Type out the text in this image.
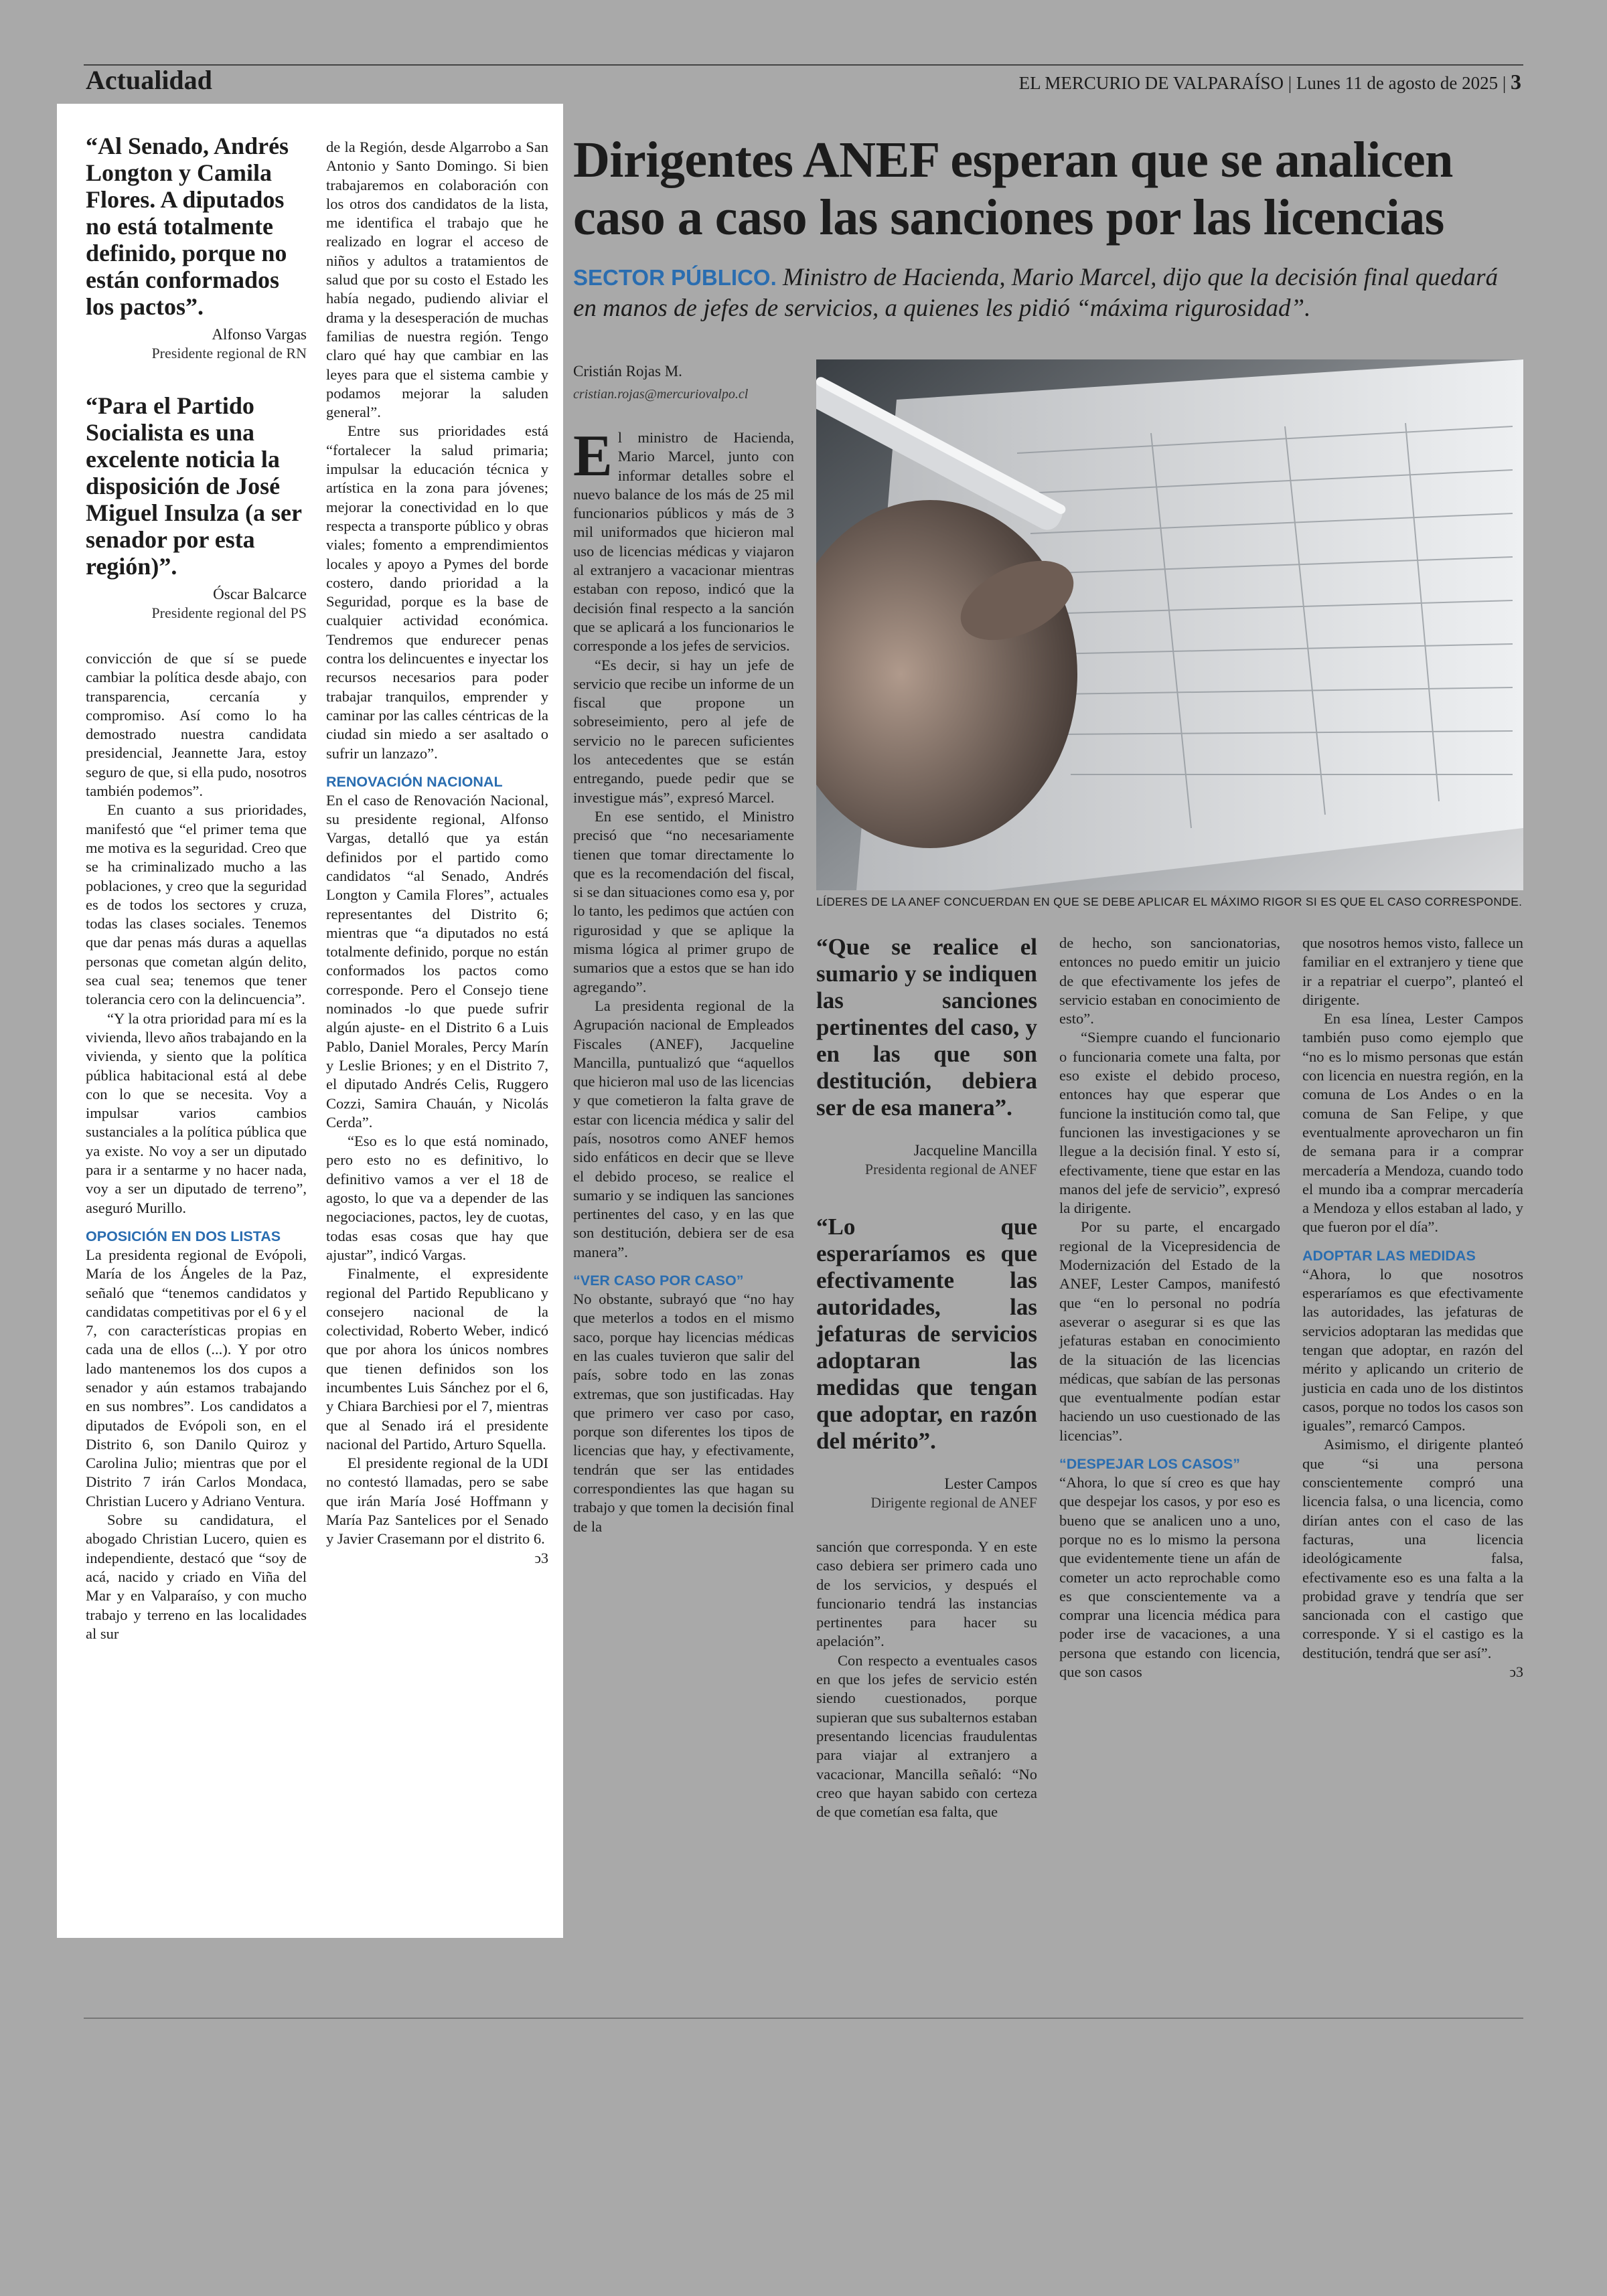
Actualidad	EL MERCURIO DE VALPARAÍSO | Lunes 11 de agosto de 2025 | 3
“Al Senado, Andrés Longton y Camila Flores. A diputados no está totalmente definido, porque no están conformados los pactos”.
Alfonso Vargas
Presidente regional de RN
“Para el Partido Socialista es una excelente noticia la disposición de José Miguel Insulza (a ser senador por esta región)”.
Óscar Balcarce
Presidente regional del PS

convicción de que sí se puede cambiar la política desde abajo, con transparencia, cercanía y compromiso. Así como lo ha demostrado nuestra candidata presidencial, Jeannette Jara, estoy seguro de que, si ella pudo, nosotros también podemos”.

En cuanto a sus prioridades, manifestó que “el primer tema que me motiva es la seguridad. Creo que se ha criminalizado mucho a las poblaciones, y creo que la seguridad es de todos los sectores y cruza, todas las clases sociales. Tenemos que dar penas más duras a aquellas personas que cometan algún delito, sea cual sea; tenemos que tener tolerancia cero con la delincuencia”.

“Y la otra prioridad para mí es la vivienda, llevo años trabajando en la vivienda, y siento que la política pública habitacional está al debe con lo que se necesita. Voy a impulsar varios cambios sustanciales a la política pública que ya existe. No voy a ser un diputado para ir a sentarme y no hacer nada, voy a ser un diputado de terreno”, aseguró Murillo.

OPOSICIÓN EN DOS LISTAS

La presidenta regional de Evópoli, María de los Ángeles de la Paz, señaló que “tenemos candidatos y candidatas competitivas por el 6 y el 7, con características propias en cada una de ellos (...). Y por otro lado mantenemos los dos cupos a senador y aún estamos trabajando en sus nombres”. Los candidatos a diputados de Evópoli son, en el Distrito 6, son Danilo Quiroz y Carolina Julio; mientras que por el Distrito 7 irán Carlos Mondaca, Christian Lucero y Adriano Ventura.

Sobre su candidatura, el abogado Christian Lucero, quien es independiente, destacó que “soy de acá, nacido y criado en Viña del Mar y en Valparaíso, y con mucho trabajo y terreno en las localidades al sur

de la Región, desde Algarrobo a San Antonio y Santo Domingo. Si bien trabajaremos en colaboración con los otros dos candidatos de la lista, me identifica el trabajo que he realizado en lograr el acceso de niños y adultos a tratamientos de salud que por su costo el Estado les había negado, pudiendo aliviar el drama y la desesperación de muchas familias de nuestra región. Tengo claro qué hay que cambiar en las leyes para que el sistema cambie y podamos mejorar la saluden general”.

Entre sus prioridades está “fortalecer la salud primaria; impulsar la educación técnica y artística en la zona para jóvenes; mejorar la conectividad en lo que respecta a transporte público y obras viales; fomento a emprendimientos locales y apoyo a Pymes del borde costero, dando prioridad a la Seguridad, porque es la base de cualquier actividad económica. Tendremos que endurecer penas contra los delincuentes e inyectar los recursos necesarios para poder trabajar tranquilos, emprender y caminar por las calles céntricas de la ciudad sin miedo a ser asaltado o sufrir un lanzazo”.

RENOVACIÓN NACIONAL

En el caso de Renovación Nacional, su presidente regional, Alfonso Vargas, detalló que ya están definidos por el partido como candidatos “al Senado, Andrés Longton y Camila Flores”, actuales representantes del Distrito 6; mientras que “a diputados no está totalmente definido, porque no están conformados los pactos como corresponde. Pero el Consejo tiene nominados -lo que puede sufrir algún ajuste- en el Distrito 6 a Luis Pablo, Daniel Morales, Percy Marín y Leslie Briones; y en el Distrito 7, el diputado Andrés Celis, Ruggero Cozzi, Samira Chauán, y Nicolás Cerda”.

“Eso es lo que está nominado, pero esto no es definitivo, lo definitivo vamos a ver el 18 de agosto, lo que va a depender de las negociaciones, pactos, ley de cuotas, todas esas cosas que hay que ajustar”, indicó Vargas.

Finalmente, el expresidente regional del Partido Republicano y consejero nacional de la colectividad, Roberto Weber, indicó que por ahora los únicos nombres que tienen definidos son los incumbentes Luis Sánchez por el 6, y Chiara Barchiesi por el 7, mientras que al Senado irá el presidente nacional del Partido, Arturo Squella.

El presidente regional de la UDI no contestó llamadas, pero se sabe que irán María José Hoffmann y María Paz Santelices por el Senado y Javier Crasemann por el distrito 6.

ↄ3
Dirigentes ANEF esperan que se analicen caso a caso las sanciones por las licencias
SECTOR PÚBLICO. Ministro de Hacienda, Mario Marcel, dijo que la decisión final quedará en manos de jefes de servicios, a quienes les pidió “máxima rigurosidad”.
Cristián Rojas M.
cristian.rojas@mercuriovalpo.cl
LÍDERES DE LA ANEF CONCUERDAN EN QUE SE DEBE APLICAR EL MÁXIMO RIGOR SI ES QUE EL CASO CORRESPONDE.

El ministro de Hacienda, Mario Marcel, junto con informar detalles sobre el nuevo balance de los más de 25 mil funcionarios públicos y más de 3 mil uniformados que hicieron mal uso de licencias médicas y viajaron al extranjero a vacacionar mientras estaban con reposo, indicó que la decisión final respecto a la sanción que se aplicará a los funcionarios le corresponde a los jefes de servicios.

“Es decir, si hay un jefe de servicio que recibe un informe de un fiscal que propone un sobreseimiento, pero al jefe de servicio no le parecen suficientes los antecedentes que se están entregando, puede pedir que se investigue más”, expresó Marcel.

En ese sentido, el Ministro precisó que “no necesariamente tienen que tomar directamente lo que es la recomendación del fiscal, si se dan situaciones como esa y, por lo tanto, les pedimos que actúen con rigurosidad y que se aplique la misma lógica al primer grupo de sumarios que a estos que se han ido agregando”.

La presidenta regional de la Agrupación nacional de Empleados Fiscales (ANEF), Jacqueline Mancilla, puntualizó que “aquellos que hicieron mal uso de las licencias y que cometieron la falta grave de estar con licencia médica y salir del país, nosotros como ANEF hemos sido enfáticos en decir que se lleve el debido proceso, se realice el sumario y se indiquen las sanciones pertinentes del caso, y en las que son destitución, debiera ser de esa manera”.

“VER CASO POR CASO”

No obstante, subrayó que “no hay que meterlos a todos en el mismo saco, porque hay licencias médicas en las cuales tuvieron que salir del país, sobre todo en las zonas extremas, que son justificadas. Hay que primero ver caso por caso, porque son diferentes los tipos de licencias que hay, y efectivamente, tendrán que ser las entidades correspondientes las que hagan su trabajo y que tomen la decisión final de la

“Que se realice el sumario y se indiquen las sanciones pertinentes del caso, y en las que son destitución, debiera ser de esa manera”.
Jacqueline Mancilla
Presidenta regional de ANEF
“Lo que esperaríamos es que efectivamente las autoridades, las jefaturas de servicios adoptaran las medidas que tengan que adoptar, en razón del mérito”.
Lester Campos
Dirigente regional de ANEF

sanción que corresponda. Y en este caso debiera ser primero cada uno de los servicios, y después el funcionario tendrá las instancias pertinentes para hacer su apelación”.

Con respecto a eventuales casos en que los jefes de servicio estén siendo cuestionados, porque supieran que sus subalternos estaban presentando licencias fraudulentas para viajar al extranjero a vacacionar, Mancilla señaló: “No creo que hayan sabido con certeza de que cometían esa falta, que

de hecho, son sancionatorias, entonces no puedo emitir un juicio de que efectivamente los jefes de servicio estaban en conocimiento de esto”.

“Siempre cuando el funcionario o funcionaria comete una falta, por eso existe el debido proceso, entonces hay que esperar que funcione la institución como tal, que funcionen las investigaciones y se llegue a la decisión final. Y esto sí, efectivamente, tiene que estar en las manos del jefe de servicio”, expresó la dirigente.

Por su parte, el encargado regional de la Vicepresidencia de Modernización del Estado de la ANEF, Lester Campos, manifestó que “en lo personal no podría aseverar o asegurar si es que las jefaturas estaban en conocimiento de la situación de las licencias médicas, que sabían de las personas que eventualmente podían estar haciendo un uso cuestionado de las licencias”.

“DESPEJAR LOS CASOS”

“Ahora, lo que sí creo es que hay que despejar los casos, y por eso es bueno que se analicen uno a uno, porque no es lo mismo la persona que evidentemente tiene un afán de cometer un acto reprochable como es que conscientemente va a comprar una licencia médica para poder irse de vacaciones, a una persona que estando con licencia, que son casos

que nosotros hemos visto, fallece un familiar en el extranjero y tiene que ir a repatriar el cuerpo”, planteó el dirigente.

En esa línea, Lester Campos también puso como ejemplo que “no es lo mismo personas que están con licencia en nuestra región, en la comuna de Los Andes o en la comuna de San Felipe, y que eventualmente aprovecharon un fin de semana para ir a comprar mercadería a Mendoza, cuando todo el mundo iba a comprar mercadería a Mendoza y ellos estaban al lado, y que fueron por el día”.

ADOPTAR LAS MEDIDAS

“Ahora, lo que nosotros esperaríamos es que efectivamente las autoridades, las jefaturas de servicios adoptaran las medidas que tengan que adoptar, en razón del mérito y aplicando un criterio de justicia en cada uno de los distintos casos, porque no todos los casos son iguales”, remarcó Campos.

Asimismo, el dirigente planteó que “si una persona conscientemente compró una licencia falsa, o una licencia, como dirían antes con el caso de las facturas, una licencia ideológicamente falsa, efectivamente eso es una falta a la probidad grave y tendría que ser sancionada con el castigo que corresponde. Y si el castigo es la destitución, tendrá que ser así”.

ↄ3
